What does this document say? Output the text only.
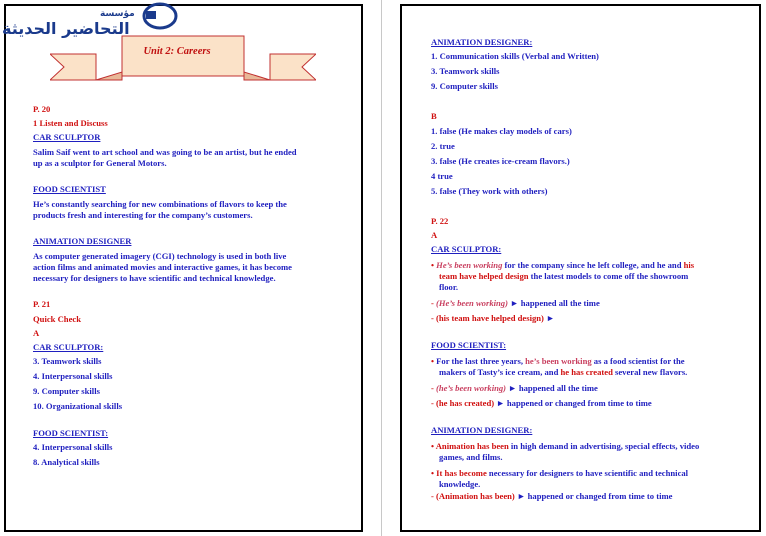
Unit 2: Careers
مؤسسة
التحاضير الحديثة

P. 20

1 Listen and Discuss

CAR SCULPTOR

Salim Saif went to art school and was going to be an artist, but he ended

up as a sculptor for General Motors.

FOOD SCIENTIST

He’s constantly searching for new combinations of flavors to keep the

products fresh and interesting for the company’s customers.

ANIMATION DESIGNER

As computer generated imagery (CGI) technology is used in both live

action films and animated movies and interactive games, it has become

necessary for designers to have scientific and technical knowledge.

P. 21

Quick Check

A

CAR SCULPTOR:

3. Teamwork skills

4. Interpersonal skills

9. Computer skills

10. Organizational skills

FOOD SCIENTIST:

4. Interpersonal skills

8. Analytical skills

ANIMATION DESIGNER:

1. Communication skills (Verbal and Written)

3. Teamwork skills

9. Computer skills

B

1. false (He makes clay models of cars)

2. true

3. false (He creates ice-cream flavors.)

4 true

5. false (They work with others)

P. 22

A

CAR SCULPTOR:

• He’s been working for the company since he left college, and he and his
team have helped design the latest models to come off the showroom
floor.

- (He’s been working) ► happened all the time

- (his team have helped design) ►

FOOD SCIENTIST:

• For the last three years, he’s been working as a food scientist for the
makers of Tasty’s ice cream, and he has created several new flavors.

- (he’s been working) ► happened all the time

- (he has created) ► happened or changed from time to time

ANIMATION DESIGNER:

• Animation has been in high demand in advertising, special effects, video
games, and films.
• It has become necessary for designers to have scientific and technical
knowledge.

- (Animation has been) ► happened or changed from time to time
